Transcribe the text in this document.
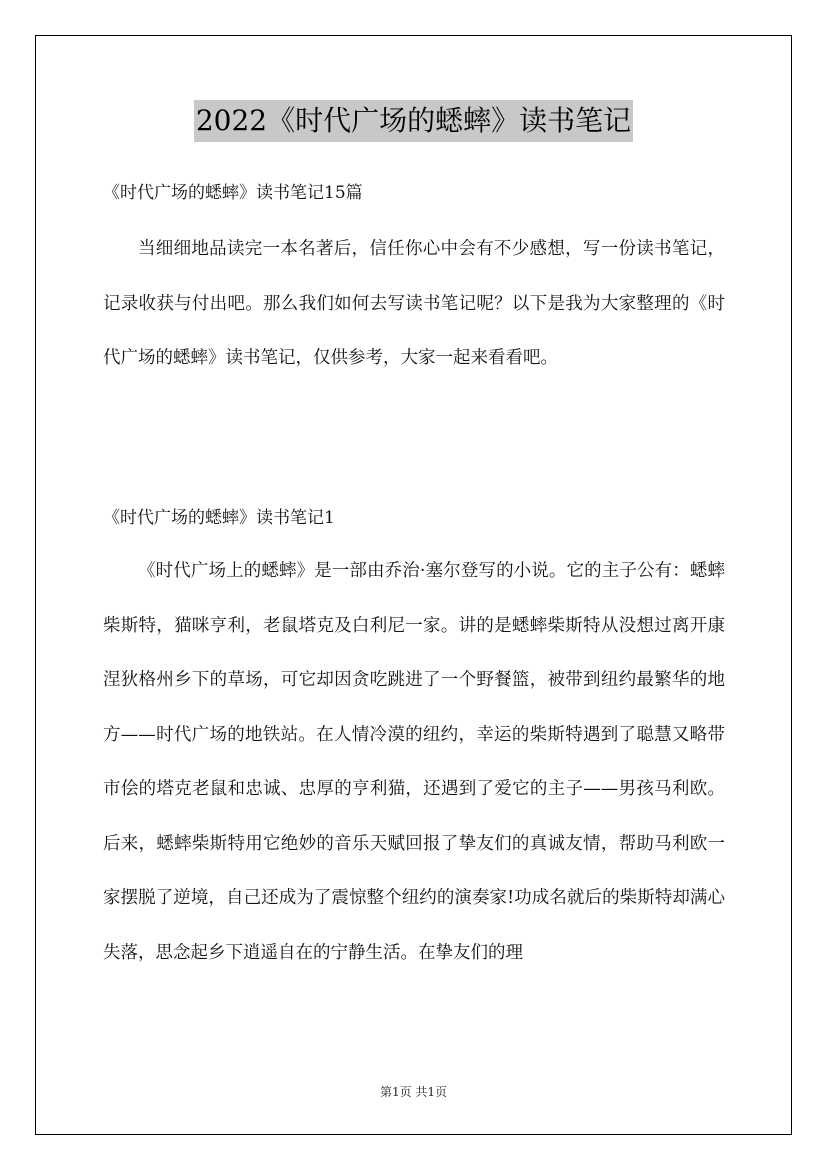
2022《时代广场的蟋蟀》读书笔记
《时代广场的蟋蟀》读书笔记15篇

当细细地品读完一本名著后，信任你心中会有不少感想，写一份读书笔记，记录收获与付出吧。那么我们如何去写读书笔记呢？以下是我为大家整理的《时代广场的蟋蟀》读书笔记，仅供参考，大家一起来看看吧。

《时代广场的蟋蟀》读书笔记1

《时代广场上的蟋蟀》是一部由乔治·塞尔登写的小说。它的主子公有：蟋蟀柴斯特，猫咪亨利，老鼠塔克及白利尼一家。讲的是蟋蟀柴斯特从没想过离开康涅狄格州乡下的草场，可它却因贪吃跳进了一个野餐篮，被带到纽约最繁华的地方——时代广场的地铁站。在人情冷漠的纽约，幸运的柴斯特遇到了聪慧又略带市侩的塔克老鼠和忠诚、忠厚的亨利猫，还遇到了爱它的主子——男孩马利欧。后来，蟋蟀柴斯特用它绝妙的音乐天赋回报了挚友们的真诚友情，帮助马利欧一家摆脱了逆境，自己还成为了震惊整个纽约的演奏家!功成名就后的柴斯特却满心失落，思念起乡下逍遥自在的宁静生活。在挚友们的理

第1页 共1页
